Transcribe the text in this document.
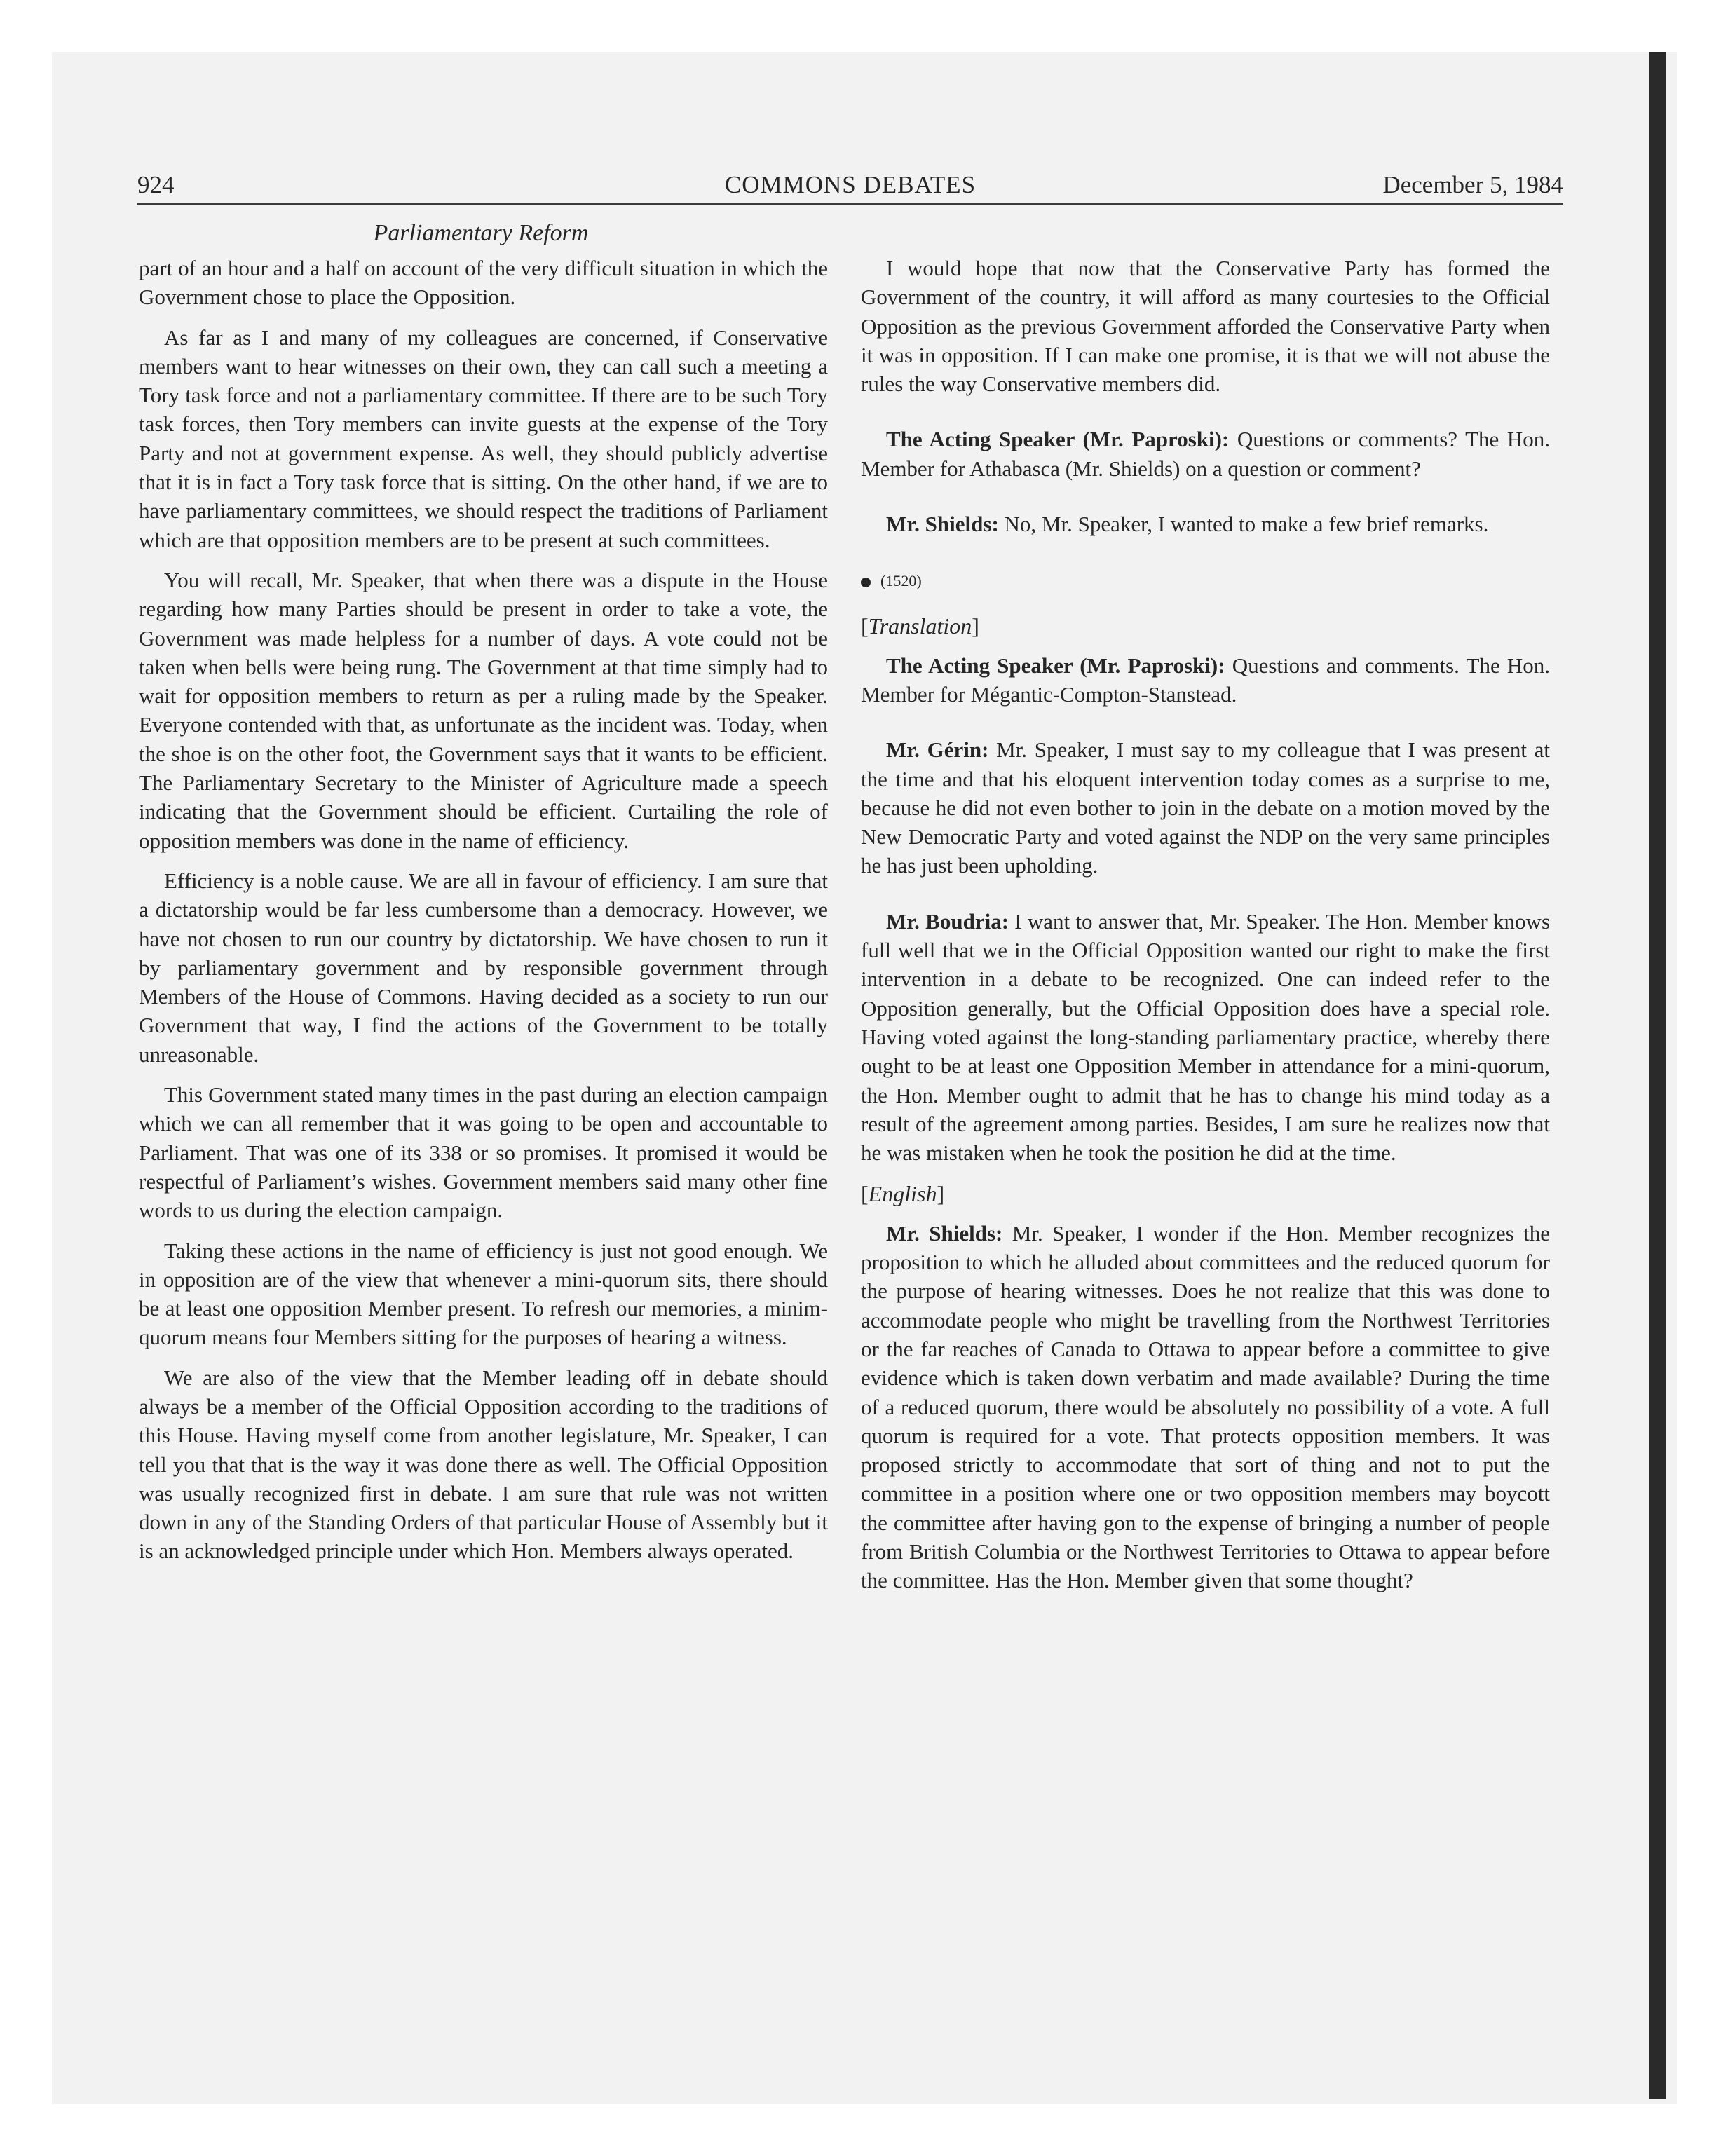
924	COMMONS DEBATES	December 5, 1984
Parliamentary Reform

part of an hour and a half on account of the very difficult situation in which the Government chose to place the Opposition.

As far as I and many of my colleagues are concerned, if Conservative members want to hear witnesses on their own, they can call such a meeting a Tory task force and not a parliamentary committee. If there are to be such Tory task forces, then Tory members can invite guests at the expense of the Tory Party and not at government expense. As well, they should publicly advertise that it is in fact a Tory task force that is sitting. On the other hand, if we are to have parliamentary committees, we should respect the traditions of Parliament which are that opposition members are to be present at such committees.

You will recall, Mr. Speaker, that when there was a dispute in the House regarding how many Parties should be present in order to take a vote, the Government was made helpless for a number of days. A vote could not be taken when bells were being rung. The Government at that time simply had to wait for opposition members to return as per a ruling made by the Speaker. Everyone contended with that, as unfortunate as the incident was. Today, when the shoe is on the other foot, the Government says that it wants to be efficient. The Parliamentary Secretary to the Minister of Agriculture made a speech indicating that the Government should be efficient. Curtailing the role of opposition members was done in the name of efficiency.

Efficiency is a noble cause. We are all in favour of efficiency. I am sure that a dictatorship would be far less cumbersome than a democracy. However, we have not chosen to run our country by dictatorship. We have chosen to run it by parliamentary government and by responsible government through Members of the House of Commons. Having decided as a society to run our Government that way, I find the actions of the Government to be totally unreasonable.

This Government stated many times in the past during an election campaign which we can all remember that it was going to be open and accountable to Parliament. That was one of its 338 or so promises. It promised it would be respectful of Parliament’s wishes. Government members said many other fine words to us during the election campaign.

Taking these actions in the name of efficiency is just not good enough. We in opposition are of the view that whenever a mini-quorum sits, there should be at least one opposition Member present. To refresh our memories, a minim-quorum means four Members sitting for the purposes of hearing a witness.

We are also of the view that the Member leading off in debate should always be a member of the Official Opposition according to the traditions of this House. Having myself come from another legislature, Mr. Speaker, I can tell you that that is the way it was done there as well. The Official Opposition was usually recognized first in debate. I am sure that rule was not written down in any of the Standing Orders of that particular House of Assembly but it is an acknowledged principle under which Hon. Members always operated.

I would hope that now that the Conservative Party has formed the Government of the country, it will afford as many courtesies to the Official Opposition as the previous Government afforded the Conservative Party when it was in opposition. If I can make one promise, it is that we will not abuse the rules the way Conservative members did.

The Acting Speaker (Mr. Paproski): Questions or comments? The Hon. Member for Athabasca (Mr. Shields) on a question or comment?

Mr. Shields: No, Mr. Speaker, I wanted to make a few brief remarks.

(1520)

[Translation]

The Acting Speaker (Mr. Paproski): Questions and comments. The Hon. Member for Mégantic-Compton-Stanstead.

Mr. Gérin: Mr. Speaker, I must say to my colleague that I was present at the time and that his eloquent intervention today comes as a surprise to me, because he did not even bother to join in the debate on a motion moved by the New Democratic Party and voted against the NDP on the very same principles he has just been upholding.

Mr. Boudria: I want to answer that, Mr. Speaker. The Hon. Member knows full well that we in the Official Opposition wanted our right to make the first intervention in a debate to be recognized. One can indeed refer to the Opposition generally, but the Official Opposition does have a special role. Having voted against the long-standing parliamentary practice, whereby there ought to be at least one Opposition Member in attendance for a mini-quorum, the Hon. Member ought to admit that he has to change his mind today as a result of the agreement among parties. Besides, I am sure he realizes now that he was mistaken when he took the position he did at the time.

[English]

Mr. Shields: Mr. Speaker, I wonder if the Hon. Member recognizes the proposition to which he alluded about committees and the reduced quorum for the purpose of hearing witnesses. Does he not realize that this was done to accommodate people who might be travelling from the Northwest Territories or the far reaches of Canada to Ottawa to appear before a committee to give evidence which is taken down verbatim and made available? During the time of a reduced quorum, there would be absolutely no possibility of a vote. A full quorum is required for a vote. That protects opposition members. It was proposed strictly to accommodate that sort of thing and not to put the committee in a position where one or two opposition members may boycott the committee after having gon to the expense of bringing a number of people from British Columbia or the Northwest Territories to Ottawa to appear before the committee. Has the Hon. Member given that some thought?
